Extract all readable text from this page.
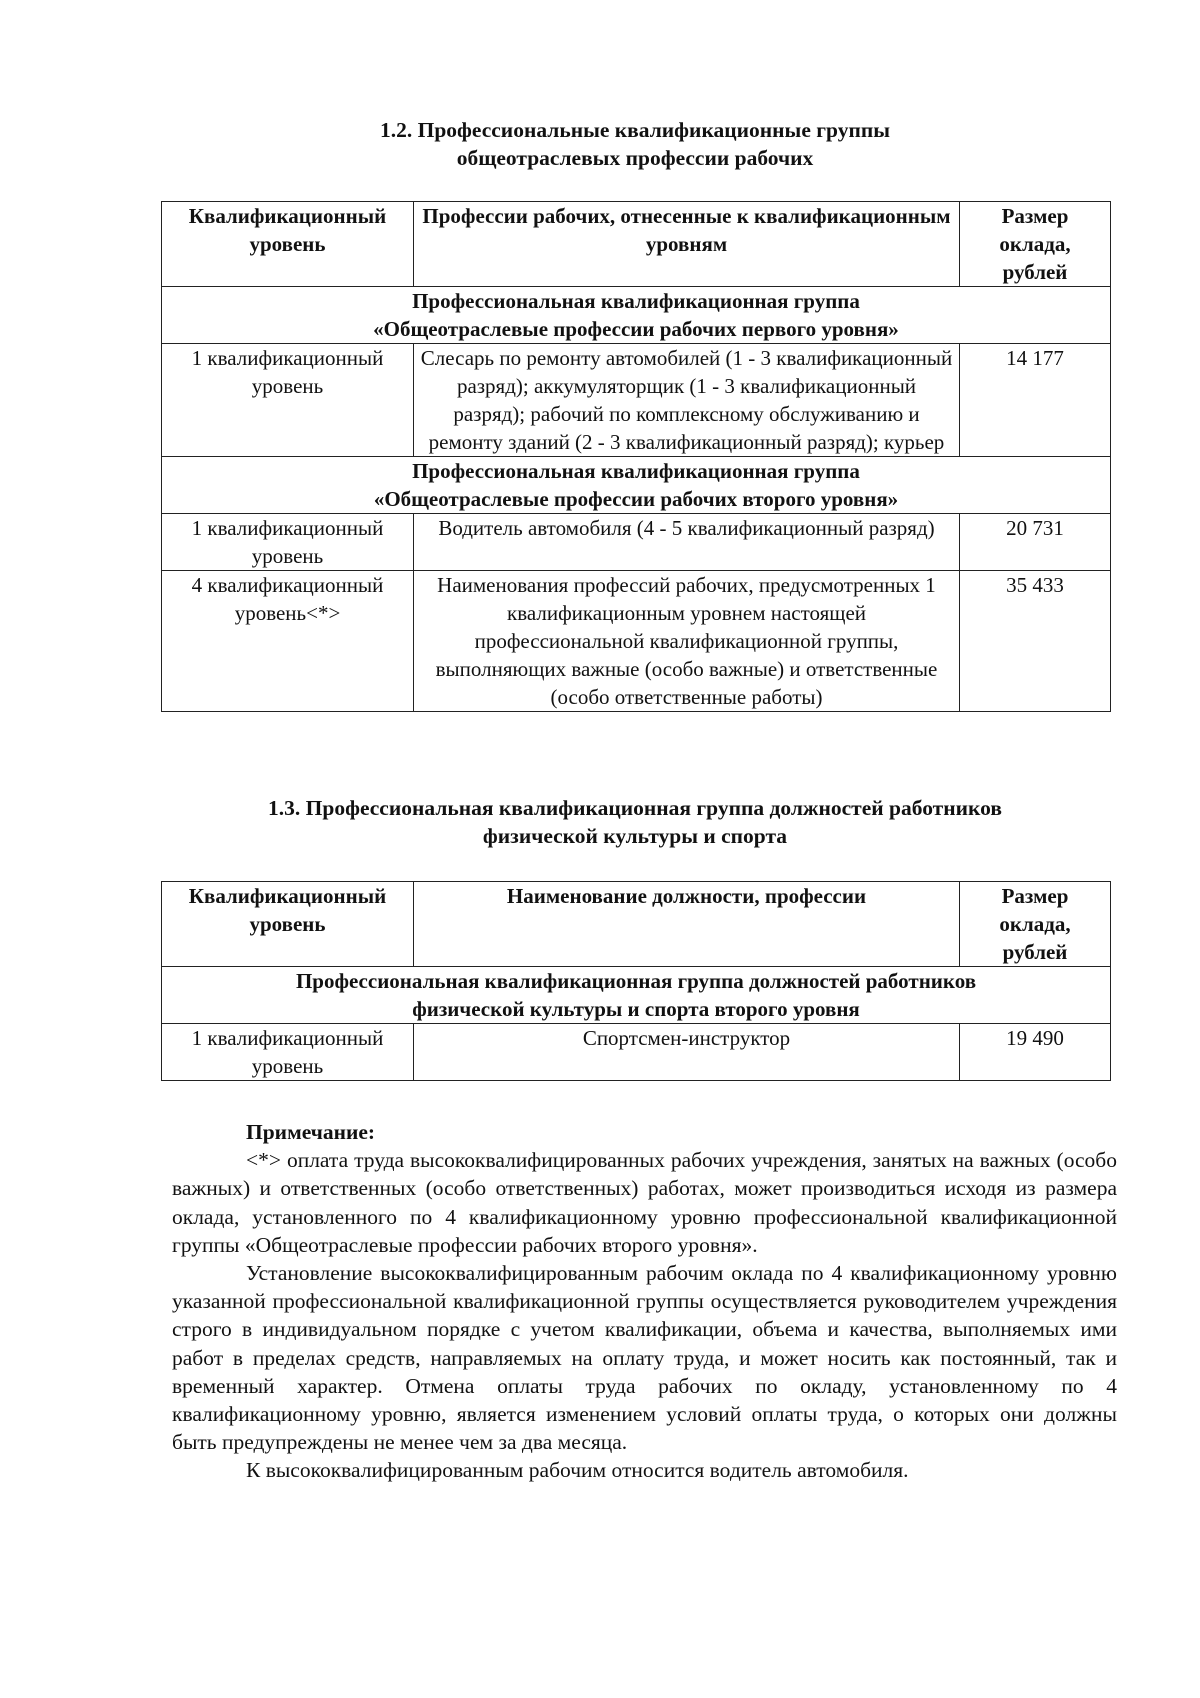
1.2. Профессиональные квалификационные группы
общеотраслевых профессии рабочих
Квалификационный уровень	Профессии рабочих, отнесенные к квалификационным уровням	Размер оклада, рублей

Профессиональная квалификационная группа
«Общеотраслевые профессии рабочих первого уровня»		

1 квалификационный уровень	Слесарь по ремонту автомобилей (1 - 3 квалификационный разряд); аккумуляторщик (1 - 3 квалификационный разряд); рабочий по комплексному обслуживанию и ремонту зданий (2 - 3 квалификационный разряд); курьер	14 177

Профессиональная квалификационная группа
«Общеотраслевые профессии рабочих второго уровня»		

1 квалификационный уровень	Водитель автомобиля (4 - 5 квалификационный разряд)	20 731
4 квалификационный уровень<*>	Наименования профессий рабочих, предусмотренных 1 квалификационным уровнем настоящей профессиональной квалификационной группы, выполняющих важные (особо важные) и ответственные (особо ответственные работы)	35 433
1.3. Профессиональная квалификационная группа должностей работников
физической культуры и спорта
Квалификационный уровень	Наименование должности, профессии	Размер оклада, рублей

Профессиональная квалификационная группа должностей работников
физической культуры и спорта второго уровня		

1 квалификационный уровень	Спортсмен-инструктор	19 490

Примечание:

<*> оплата труда высококвалифицированных рабочих учреждения, занятых на важных (особо важных) и ответственных (особо ответственных) работах, может производиться исходя из размера оклада, установленного по 4 квалификационному уровню профессиональной квалификационной группы «Общеотраслевые профессии рабочих второго уровня».

Установление высококвалифицированным рабочим оклада по 4 квалификационному уровню указанной профессиональной квалификационной группы осуществляется руководителем учреждения строго в индивидуальном порядке с учетом квалификации, объема и качества, выполняемых ими работ в пределах средств, направляемых на оплату труда, и может носить как постоянный, так и временный характер. Отмена оплаты труда рабочих по окладу, установленному по 4 квалификационному уровню, является изменением условий оплаты труда, о которых они должны быть предупреждены не менее чем за два месяца.

К высококвалифицированным рабочим относится водитель автомобиля.
